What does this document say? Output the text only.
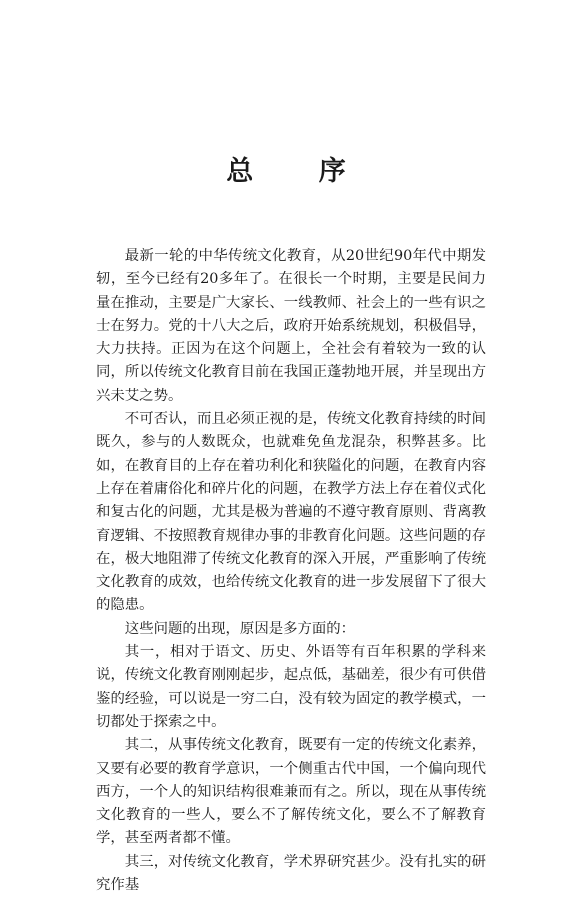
总 序

最新一轮的中华传统文化教育，从20世纪90年代中期发轫，至今已经有20多年了。在很长一个时期，主要是民间力量在推动，主要是广大家长、一线教师、社会上的一些有识之士在努力。党的十八大之后，政府开始系统规划，积极倡导，大力扶持。正因为在这个问题上，全社会有着较为一致的认同，所以传统文化教育目前在我国正蓬勃地开展，并呈现出方兴未艾之势。

不可否认，而且必须正视的是，传统文化教育持续的时间既久，参与的人数既众，也就难免鱼龙混杂，积弊甚多。比如，在教育目的上存在着功利化和狭隘化的问题，在教育内容上存在着庸俗化和碎片化的问题，在教学方法上存在着仪式化和复古化的问题，尤其是极为普遍的不遵守教育原则、背离教育逻辑、不按照教育规律办事的非教育化问题。这些问题的存在，极大地阻滞了传统文化教育的深入开展，严重影响了传统文化教育的成效，也给传统文化教育的进一步发展留下了很大的隐患。

这些问题的出现，原因是多方面的：

其一，相对于语文、历史、外语等有百年积累的学科来说，传统文化教育刚刚起步，起点低，基础差，很少有可供借鉴的经验，可以说是一穷二白，没有较为固定的教学模式，一切都处于探索之中。

其二，从事传统文化教育，既要有一定的传统文化素养，又要有必要的教育学意识，一个侧重古代中国，一个偏向现代西方，一个人的知识结构很难兼而有之。所以，现在从事传统文化教育的一些人，要么不了解传统文化，要么不了解教育学，甚至两者都不懂。

其三，对传统文化教育，学术界研究甚少。没有扎实的研究作基
